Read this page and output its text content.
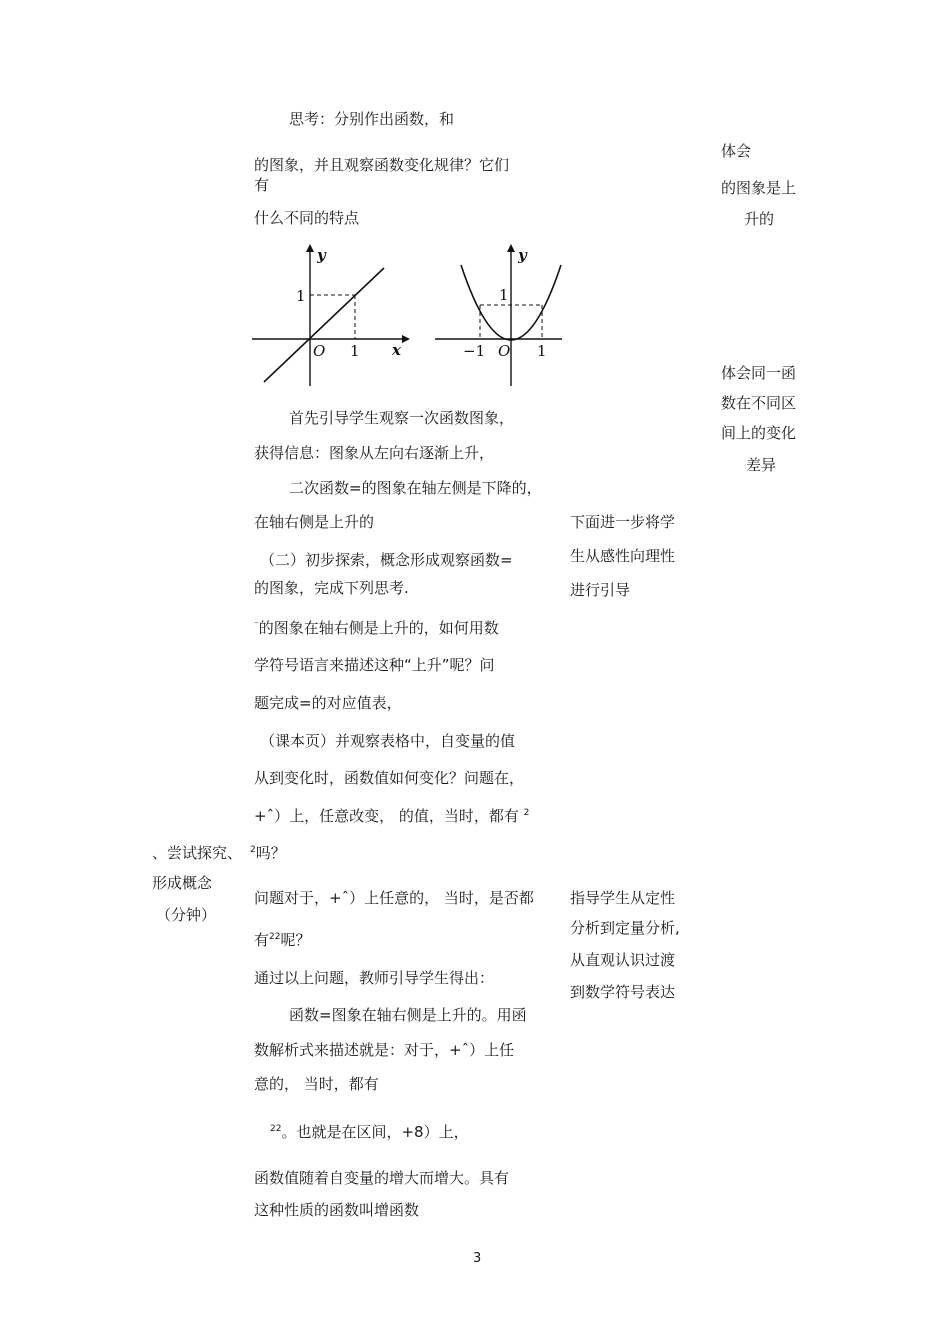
思考：分别作出函数，和
的图象，并且观察函数变化规律？它们
有
什么不同的特点
y
x
O 1
1
y
O
−1	1
1
首先引导学生观察一次函数图象，
获得信息：图象从左向右逐渐上升，
二次函数=的图象在轴左侧是下降的，
在轴右侧是上升的
（二）初步探索，概念形成观察函数=
的图象，完成下列思考.
⁻的图象在轴右侧是上升的，如何用数
学符号语言来描述这种“上升”呢？问
题完成=的对应值表，
（课本页）并观察表格中，自变量的值
从到变化时，函数值如何变化？问题在，
+ˆ）上，任意改变， 的值，当时，都有 $^2$
$^2$吗？
问题对于，+ˆ）上任意的， 当时，是否都
有$^{22}$呢？
通过以上问题，教师引导学生得出：
函数=图象在轴右侧是上升的。用函
数解析式来描述就是：对于，+ˆ）上任
意的， 当时，都有
$^{22}$。也就是在区间，+8）上，
函数值随着自变量的增大而增大。具有
这种性质的函数叫增函数
、尝试探究、
形成概念
（分钟）
下面进一步将学
生从感性向理性
进行引导
指导学生从定性
分析到定量分析,
从直观认识过渡
到数学符号表达
体会
的图象是上
升的
体会同一函
数在不同区
间上的变化
差异
3
